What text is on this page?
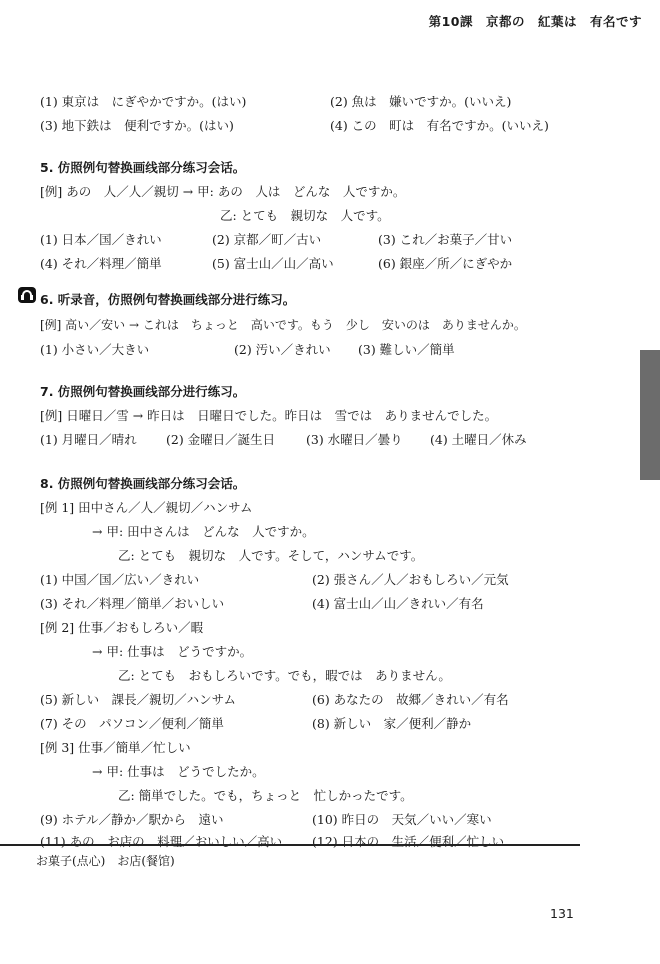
第10課　京都の　紅葉は　有名です
(1) 東京は　にぎやかですか。(はい)	(2) 魚は　嫌いですか。(いいえ)
(3) 地下鉄は　便利ですか。(はい)	(4) この　町は　有名ですか。(いいえ)
5. 仿照例句替换画线部分练习会话。
[例] あの　人／人／親切 → 甲: あの　人は　どんな　人ですか。
乙: とても　親切な　人です。
(1) 日本／国／きれい	(2) 京都／町／古い	(3) これ／お菓子／甘い
(4) それ／料理／簡単	(5) 富士山／山／高い	(6) 銀座／所／にぎやか
6. 听录音，仿照例句替换画线部分进行练习。
[例] 高い／安い → これは　ちょっと　高いです。もう　少し　安いのは　ありませんか。
(1) 小さい／大きい	(2) 汚い／きれい (3) 難しい／簡単
7. 仿照例句替换画线部分进行练习。
[例] 日曜日／雪 → 昨日は　日曜日でした。昨日は　雪では　ありませんでした。
(1) 月曜日／晴れ (2) 金曜日／誕生日 (3) 水曜日／曇り (4) 土曜日／休み
8. 仿照例句替换画线部分练习会话。
[例 1] 田中さん／人／親切／ハンサム
→ 甲: 田中さんは　どんな　人ですか。
乙: とても　親切な　人です。そして，ハンサムです。
(1) 中国／国／広い／きれい	(2) 張さん／人／おもしろい／元気
(3) それ／料理／簡単／おいしい	(4) 富士山／山／きれい／有名
[例 2] 仕事／おもしろい／暇
→ 甲: 仕事は　どうですか。
乙: とても　おもしろいです。でも，暇では　ありません。
(5) 新しい　課長／親切／ハンサム	(6) あなたの　故郷／きれい／有名
(7) その　パソコン／便利／簡単	(8) 新しい　家／便利／静か
[例 3] 仕事／簡単／忙しい
→ 甲: 仕事は　どうでしたか。
乙: 簡単でした。でも，ちょっと　忙しかったです。
(9) ホテル／静か／駅から　遠い	(10) 昨日の　天気／いい／寒い
(11) あの　お店の　料理／おいしい／高い (12) 日本の　生活／便利／忙しい
お菓子(点心)　お店(餐馆)
131
